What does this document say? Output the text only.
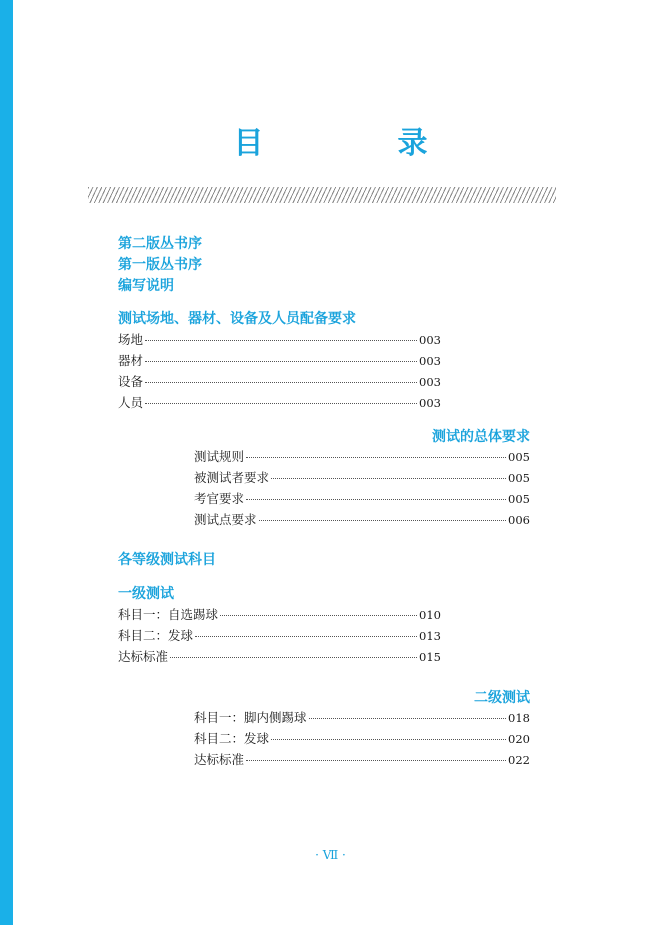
目　录
第二版丛书序
第一版丛书序
编写说明
测试场地、器材、设备及人员配备要求
场地	003
器材	003
设备	003
人员	003
测试的总体要求
测试规则	005
被测试者要求	005
考官要求	005
测试点要求	006
各等级测试科目
一级测试
科目一：自选踢球	010
科目二：发球	013
达标标准	015
二级测试
科目一：脚内侧踢球	018
科目二：发球	020
达标标准	022
· Ⅶ ·
